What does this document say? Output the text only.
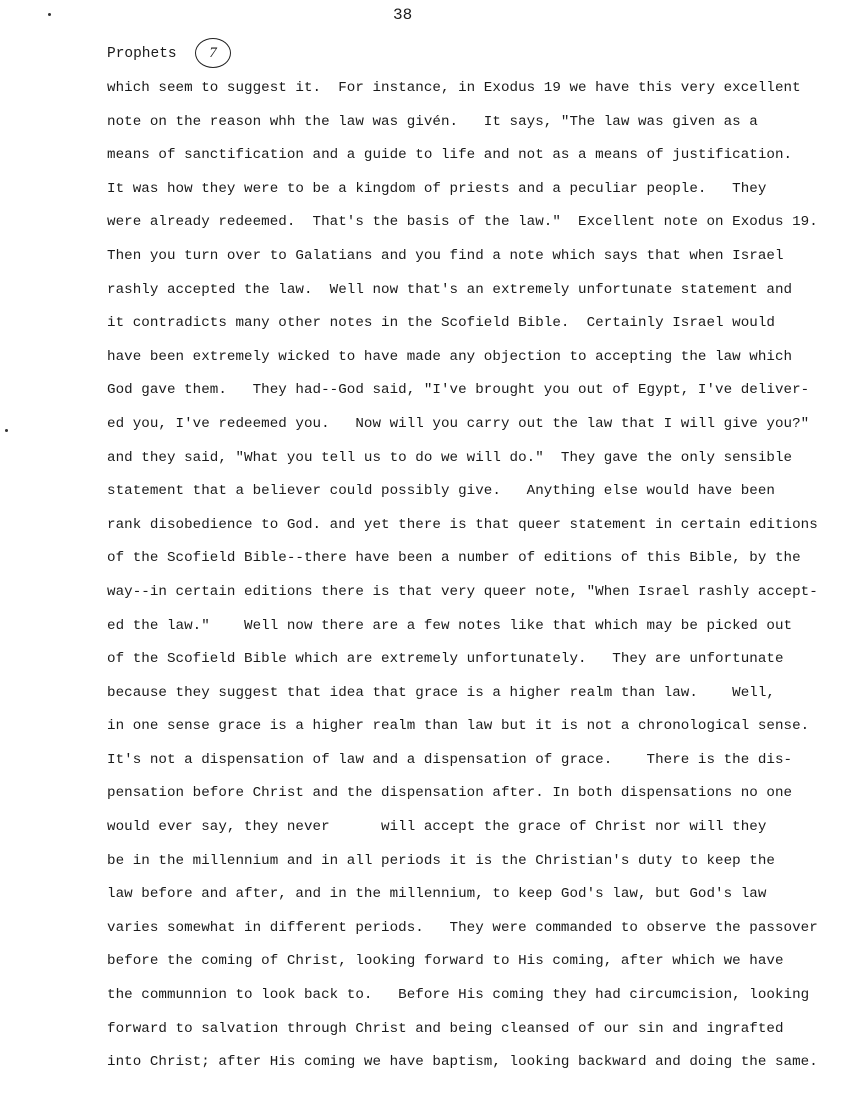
38
Prophets	7
which seem to suggest it.  For instance, in Exodus 19 we have this very excellent
note on the reason whh the law was givén.   It says, "The law was given as a
means of sanctification and a guide to life and not as a means of justification.
It was how they were to be a kingdom of priests and a peculiar people.   They
were already redeemed.  That's the basis of the law."  Excellent note on Exodus 19.
Then you turn over to Galatians and you find a note which says that when Israel
rashly accepted the law.  Well now that's an extremely unfortunate statement and
it contradicts many other notes in the Scofield Bible.  Certainly Israel would
have been extremely wicked to have made any objection to accepting the law which
God gave them.   They had--God said, "I've brought you out of Egypt, I've deliver-
ed you, I've redeemed you.   Now will you carry out the law that I will give you?"
and they said, "What you tell us to do we will do."  They gave the only sensible
statement that a believer could possibly give.   Anything else would have been
rank disobedience to God. and yet there is that queer statement in certain editions
of the Scofield Bible--there have been a number of editions of this Bible, by the
way--in certain editions there is that very queer note, "When Israel rashly accept-
ed the law."    Well now there are a few notes like that which may be picked out
of the Scofield Bible which are extremely unfortunately.   They are unfortunate
because they suggest that idea that grace is a higher realm than law.    Well,
in one sense grace is a higher realm than law but it is not a chronological sense.
It's not a dispensation of law and a dispensation of grace.    There is the dis-
pensation before Christ and the dispensation after. In both dispensations no one
would ever say, they never      will accept the grace of Christ nor will they
be in the millennium and in all periods it is the Christian's duty to keep the
law before and after, and in the millennium, to keep God's law, but God's law
varies somewhat in different periods.   They were commanded to observe the passover
before the coming of Christ, looking forward to His coming, after which we have
the communnion to look back to.   Before His coming they had circumcision, looking
forward to salvation through Christ and being cleansed of our sin and ingrafted
into Christ; after His coming we have baptism, looking backward and doing the same.
